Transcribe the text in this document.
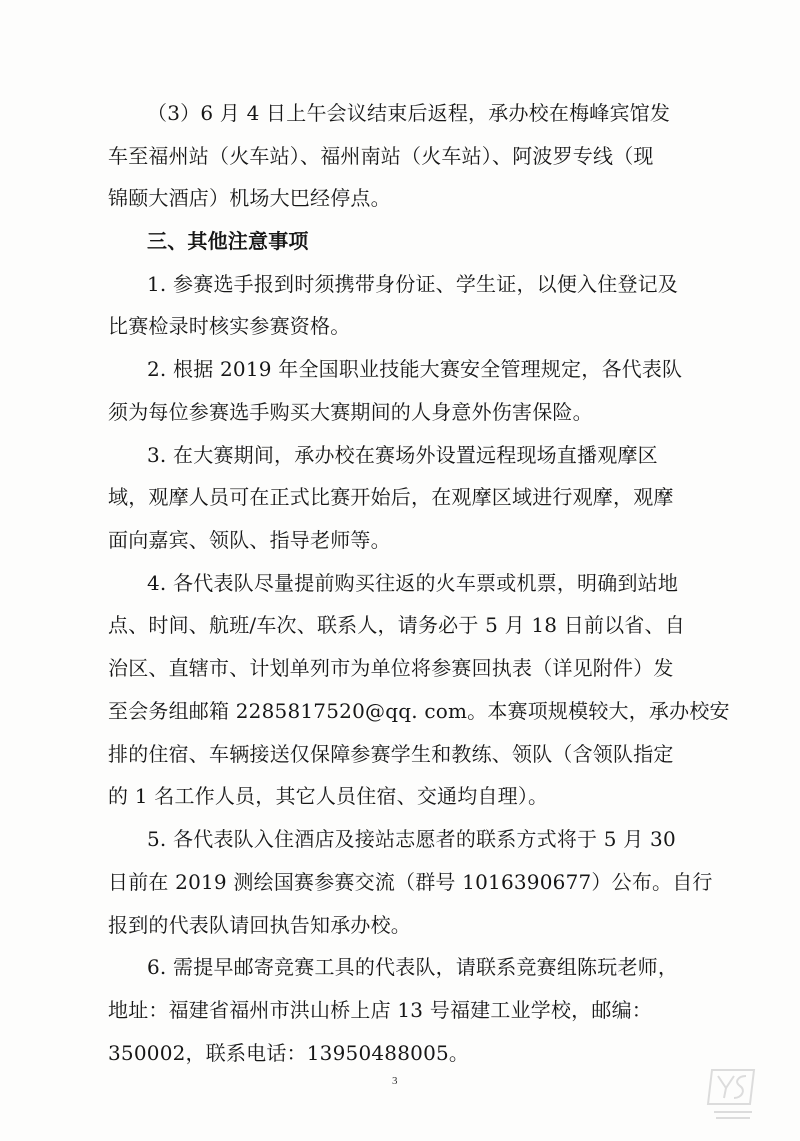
（3）6 月 4 日上午会议结束后返程，承办校在梅峰宾馆发
车至福州站（火车站）、福州南站（火车站）、阿波罗专线（现
锦颐大酒店）机场大巴经停点。
三、其他注意事项
1. 参赛选手报到时须携带身份证、学生证，以便入住登记及
比赛检录时核实参赛资格。
2. 根据 2019 年全国职业技能大赛安全管理规定，各代表队
须为每位参赛选手购买大赛期间的人身意外伤害保险。
3. 在大赛期间，承办校在赛场外设置远程现场直播观摩区
域，观摩人员可在正式比赛开始后，在观摩区域进行观摩，观摩
面向嘉宾、领队、指导老师等。
4. 各代表队尽量提前购买往返的火车票或机票，明确到站地
点、时间、航班/车次、联系人，请务必于 5 月 18 日前以省、自
治区、直辖市、计划单列市为单位将参赛回执表（详见附件）发
至会务组邮箱 2285817520@qq. com。本赛项规模较大，承办校安
排的住宿、车辆接送仅保障参赛学生和教练、领队（含领队指定
的 1 名工作人员，其它人员住宿、交通均自理）。
5. 各代表队入住酒店及接站志愿者的联系方式将于 5 月 30
日前在 2019 测绘国赛参赛交流（群号 1016390677）公布。自行
报到的代表队请回执告知承办校。
6. 需提早邮寄竞赛工具的代表队，请联系竞赛组陈玩老师，
地址：福建省福州市洪山桥上店 13 号福建工业学校，邮编：
350002，联系电话：13950488005。
3
